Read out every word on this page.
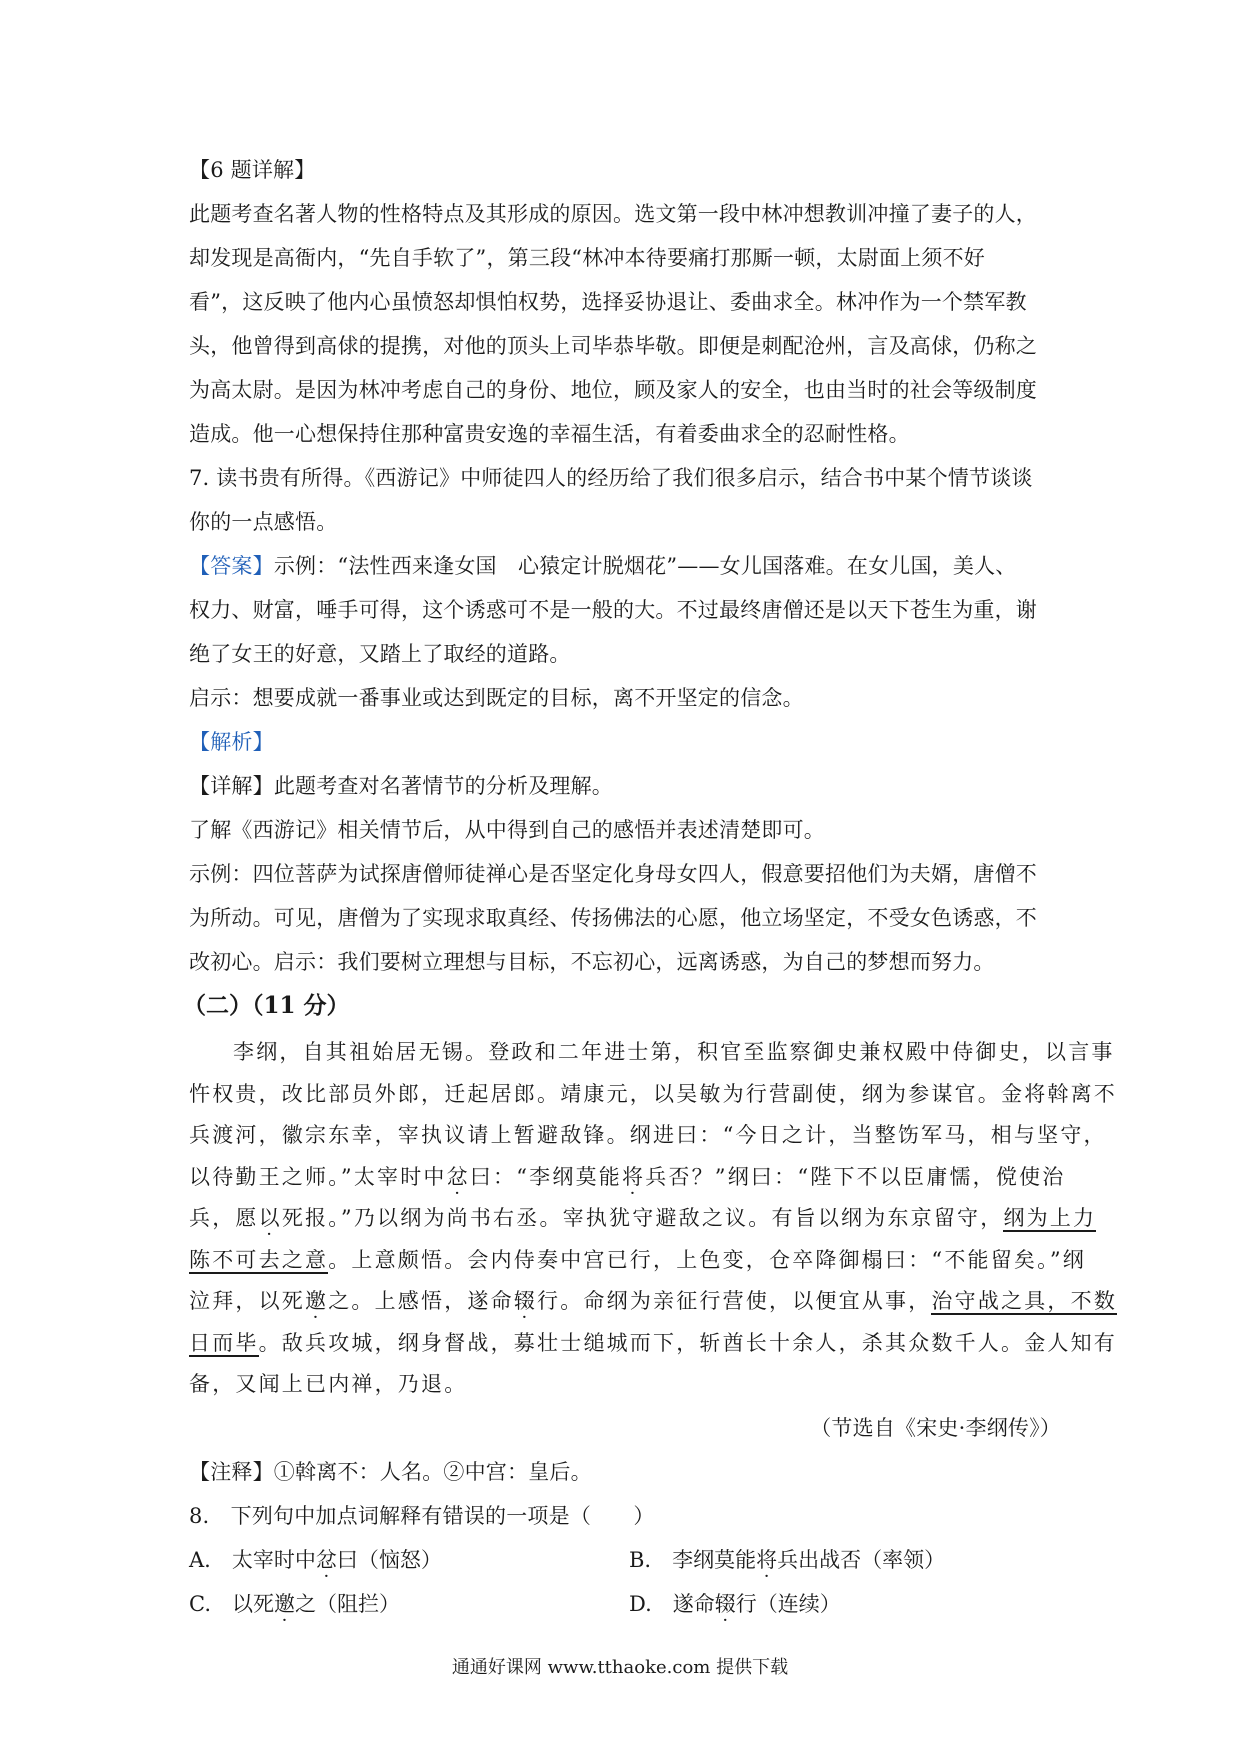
【6 题详解】
此题考查名著人物的性格特点及其形成的原因。选文第一段中林冲想教训冲撞了妻子的人，
却发现是高衙内，“先自手软了”，第三段“林冲本待要痛打那厮一顿，太尉面上须不好
看”，这反映了他内心虽愤怒却惧怕权势，选择妥协退让、委曲求全。林冲作为一个禁军教
头，他曾得到高俅的提携，对他的顶头上司毕恭毕敬。即便是刺配沧州，言及高俅，仍称之
为高太尉。是因为林冲考虑自己的身份、地位，顾及家人的安全，也由当时的社会等级制度
造成。他一心想保持住那种富贵安逸的幸福生活，有着委曲求全的忍耐性格。
7. 读书贵有所得。《西游记》中师徒四人的经历给了我们很多启示，结合书中某个情节谈谈
你的一点感悟。
【答案】示例：“法性西来逢女国　心猿定计脱烟花”——女儿国落难。在女儿国，美人、
权力、财富，唾手可得，这个诱惑可不是一般的大。不过最终唐僧还是以天下苍生为重，谢
绝了女王的好意，又踏上了取经的道路。
启示：想要成就一番事业或达到既定的目标，离不开坚定的信念。
【解析】
【详解】此题考查对名著情节的分析及理解。
了解《西游记》相关情节后，从中得到自己的感悟并表述清楚即可。
示例：四位菩萨为试探唐僧师徒禅心是否坚定化身母女四人，假意要招他们为夫婿，唐僧不
为所动。可见，唐僧为了实现求取真经、传扬佛法的心愿，他立场坚定，不受女色诱惑，不
改初心。启示：我们要树立理想与目标，不忘初心，远离诱惑，为自己的梦想而努力。
（二）（11 分）
李纲，自其祖始居无锡。登政和二年进士第，积官至监察御史兼权殿中侍御史，以言事
忤权贵，改比部员外郎，迁起居郎。靖康元，以吴敏为行营副使，纲为参谋官。金将斡离不
兵渡河，徽宗东幸，宰执议请上暂避敌锋。纲进曰：“今日之计，当整饬军马，相与坚守，
以待勤王之师。”太宰时中忿曰：“李纲莫能将兵否？”纲曰：“陛下不以臣庸懦，傥使治
兵，愿以死报。”乃以纲为尚书右丞。宰执犹守避敌之议。有旨以纲为东京留守，纲为上力
陈不可去之意。上意颇悟。会内侍奏中宫已行，上色变，仓卒降御榻曰：“不能留矣。”纲
泣拜，以死邀之。上感悟，遂命辍行。命纲为亲征行营使，以便宜从事，治守战之具，不数
日而毕。敌兵攻城，纲身督战，募壮士缒城而下，斩酋长十余人，杀其众数千人。金人知有
备，又闻上已内禅，乃退。
（节选自《宋史·李纲传》）
【注释】①斡离不：人名。②中宫：皇后。
8.　下列句中加点词解释有错误的一项是（　　）
A.　太宰时中忿曰（恼怒）	B.　李纲莫能将兵出战否（率领）
C.　以死邀之（阻拦）	D.　遂命辍行（连续）
通通好课网 www.tthaoke.com 提供下载
